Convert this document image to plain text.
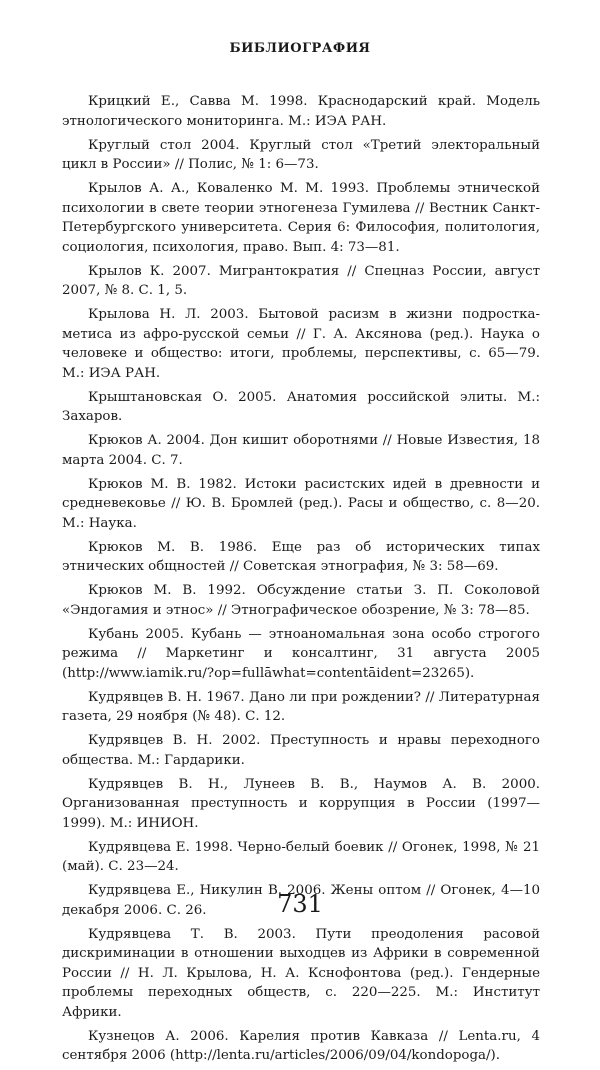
БИБЛИОГРАФИЯ

Крицкий Е., Савва М. 1998. Краснодарский край. Модель этнологического мониторинга. М.: ИЭА РАН.

Круглый стол 2004. Круглый стол «Третий электоральный цикл в России» // Полис, № 1: 6—73.

Крылов А. А., Коваленко М. М. 1993. Проблемы этнической психологии в свете теории этногенеза Гумилева // Вестник Санкт-Петербургского университета. Серия 6: Философия, политология, социология, психология, право. Вып. 4: 73—81.

Крылов К. 2007. Мигрантократия // Спецназ России, август 2007, № 8. С. 1, 5.

Крылова Н. Л. 2003. Бытовой расизм в жизни подростка-метиса из афро-русской семьи // Г. А. Аксянова (ред.). Наука о человеке и общество: итоги, проблемы, перспективы, с. 65—79. М.: ИЭА РАН.

Крыштановская О. 2005. Анатомия российской элиты. М.: Захаров.

Крюков А. 2004. Дон кишит оборотнями // Новые Известия, 18 марта 2004. С. 7.

Крюков М. В. 1982. Истоки расистских идей в древности и средневековье // Ю. В. Бромлей (ред.). Расы и общество, с. 8—20. М.: Наука.

Крюков М. В. 1986. Еще раз об исторических типах этнических общностей // Советская этнография, № 3: 58—69.

Крюков М. В. 1992. Обсуждение статьи З. П. Соколовой «Эндогамия и этнос» // Этнографическое обозрение, № 3: 78—85.

Кубань 2005. Кубань — этноаномальная зона особо строгого режима // Маркетинг и консалтинг, 31 августа 2005 (http://www.iamik.ru/?op=fullāwhat=contentāident=23265).

Кудрявцев В. Н. 1967. Дано ли при рождении? // Литературная газета, 29 ноября (№ 48). С. 12.

Кудрявцев В. Н. 2002. Преступность и нравы переходного общества. М.: Гардарики.

Кудрявцев В. Н., Лунеев В. В., Наумов А. В. 2000. Организованная преступность и коррупция в России (1997—1999). М.: ИНИОН.

Кудрявцева Е. 1998. Черно-белый боевик // Огонек, 1998, № 21 (май). С. 23—24.

Кудрявцева Е., Никулин В. 2006. Жены оптом // Огонек, 4—10 декабря 2006. С. 26.

Кудрявцева Т. В. 2003. Пути преодоления расовой дискриминации в отношении выходцев из Африки в современной России // Н. Л. Крылова, Н. А. Кснофонтова (ред.). Гендерные проблемы переходных обществ, с. 220—225. М.: Институт Африки.

Кузнецов А. 2006. Карелия против Кавказа // Lenta.ru, 4 сентября 2006 (http://lenta.ru/articles/2006/09/04/kondopoga/).

731
